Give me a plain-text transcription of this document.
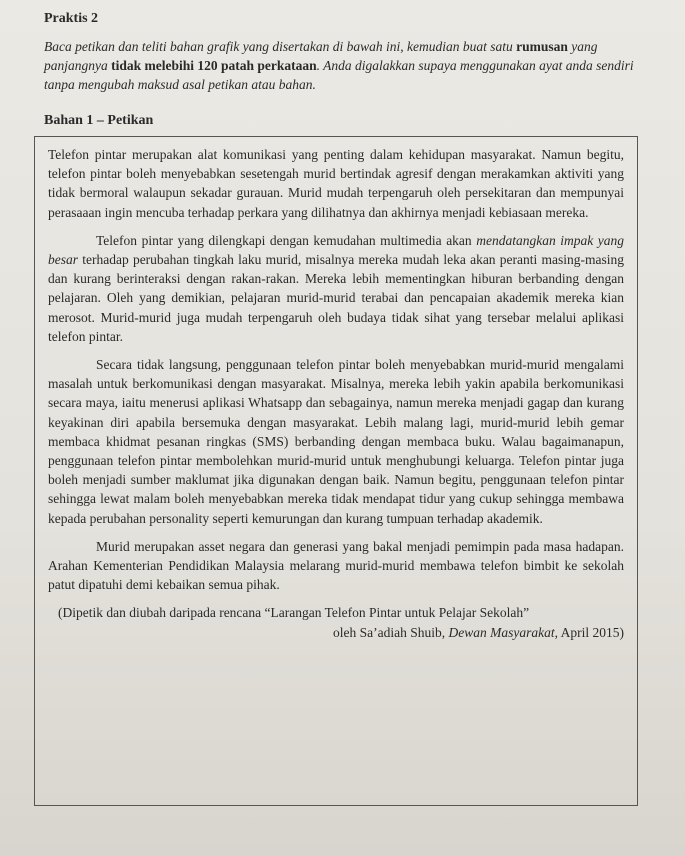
Praktis 2
Baca petikan dan teliti bahan grafik yang disertakan di bawah ini, kemudian buat satu rumusan yang panjangnya tidak melebihi 120 patah perkataan. Anda digalakkan supaya menggunakan ayat anda sendiri tanpa mengubah maksud asal petikan atau bahan.
Bahan 1 – Petikan

Telefon pintar merupakan alat komunikasi yang penting dalam kehidupan masyarakat. Namun begitu, telefon pintar boleh menyebabkan sesetengah murid bertindak agresif dengan merakamkan aktiviti yang tidak bermoral walaupun sekadar gurauan. Murid mudah terpengaruh oleh persekitaran dan mempunyai perasaaan ingin mencuba terhadap perkara yang dilihatnya dan akhirnya menjadi kebiasaan mereka.

Telefon pintar yang dilengkapi dengan kemudahan multimedia akan mendatangkan impak yang besar terhadap perubahan tingkah laku murid, misalnya mereka mudah leka akan peranti masing-masing dan kurang berinteraksi dengan rakan-rakan. Mereka lebih mementingkan hiburan berbanding dengan pelajaran. Oleh yang demikian, pelajaran murid-murid terabai dan pencapaian akademik mereka kian merosot. Murid-murid juga mudah terpengaruh oleh budaya tidak sihat yang tersebar melalui aplikasi telefon pintar.

Secara tidak langsung, penggunaan telefon pintar boleh menyebabkan murid-murid mengalami masalah untuk berkomunikasi dengan masyarakat. Misalnya, mereka lebih yakin apabila berkomunikasi secara maya, iaitu menerusi aplikasi Whatsapp dan sebagainya, namun mereka menjadi gagap dan kurang keyakinan diri apabila bersemuka dengan masyarakat. Lebih malang lagi, murid-murid lebih gemar membaca khidmat pesanan ringkas (SMS) berbanding dengan membaca buku. Walau bagaimanapun, penggunaan telefon pintar membolehkan murid-murid untuk menghubungi keluarga. Telefon pintar juga boleh menjadi sumber maklumat jika digunakan dengan baik. Namun begitu, penggunaan telefon pintar sehingga lewat malam boleh menyebabkan mereka tidak mendapat tidur yang cukup sehingga membawa kepada perubahan personality seperti kemurungan dan kurang tumpuan terhadap akademik.

Murid merupakan asset negara dan generasi yang bakal menjadi pemimpin pada masa hadapan. Arahan Kementerian Pendidikan Malaysia melarang murid-murid membawa telefon bimbit ke sekolah patut dipatuhi demi kebaikan semua pihak.

(Dipetik dan diubah daripada rencana “Larangan Telefon Pintar untuk Pelajar Sekolah”
oleh Sa’adiah Shuib, Dewan Masyarakat, April 2015)
